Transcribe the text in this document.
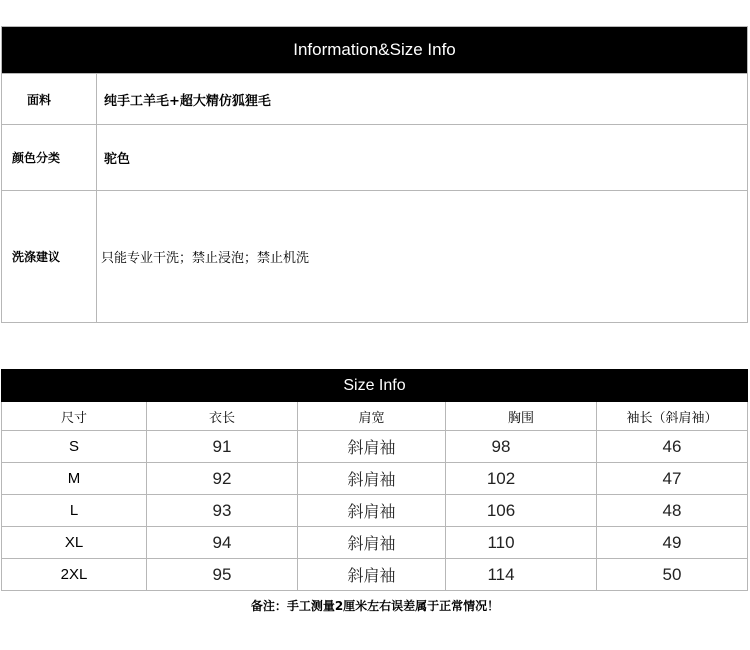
Information&Size Info	
面料	纯手工羊毛+超大精仿狐狸毛
颜色分类	驼色
洗涤建议	只能专业干洗；禁止浸泡；禁止机洗
Size Info				
尺寸	衣长	肩宽	胸围	袖长（斜肩袖）
S	91	斜肩袖	98	46
M	92	斜肩袖	102	47
L	93	斜肩袖	106	48
XL	94	斜肩袖	110	49
2XL	95	斜肩袖	114	50
备注：手工测量2厘米左右误差属于正常情况！
